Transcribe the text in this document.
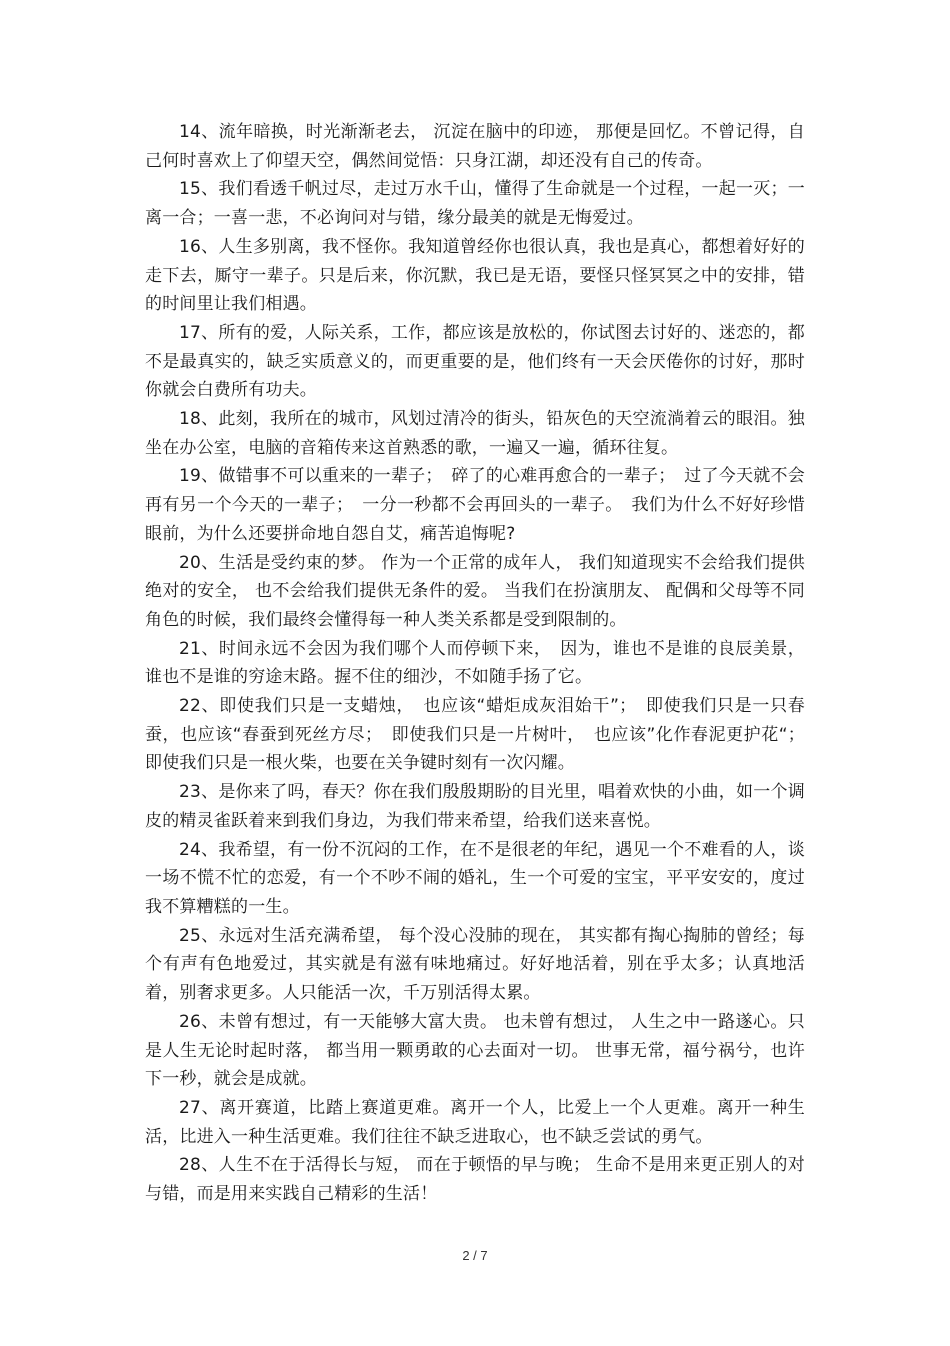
14、流年暗换，时光渐渐老去， 沉淀在脑中的印迹， 那便是回忆。不曾记得，自己何时喜欢上了仰望天空，偶然间觉悟：只身江湖，却还没有自己的传奇。

15、我们看透千帆过尽，走过万水千山，懂得了生命就是一个过程，一起一灭；一离一合；一喜一悲，不必询问对与错，缘分最美的就是无悔爱过。

16、人生多别离，我不怪你。我知道曾经你也很认真，我也是真心，都想着好好的走下去，厮守一辈子。只是后来，你沉默，我已是无语，要怪只怪冥冥之中的安排，错的时间里让我们相遇。

17、所有的爱，人际关系，工作，都应该是放松的，你试图去讨好的、迷恋的，都不是最真实的，缺乏实质意义的，而更重要的是，他们终有一天会厌倦你的讨好，那时你就会白费所有功夫。

18、此刻，我所在的城市，风划过清冷的街头，铅灰色的天空流淌着云的眼泪。独坐在办公室，电脑的音箱传来这首熟悉的歌，一遍又一遍，循环往复。

19、做错事不可以重来的一辈子；　碎了的心难再愈合的一辈子；　过了今天就不会再有另一个今天的一辈子；　一分一秒都不会再回头的一辈子。　我们为什么不好好珍惜眼前，为什么还要拼命地自怨自艾，痛苦追悔呢?

20、生活是受约束的梦。 作为一个正常的成年人， 我们知道现实不会给我们提供绝对的安全， 也不会给我们提供无条件的爱。 当我们在扮演朋友、 配偶和父母等不同角色的时候，我们最终会懂得每一种人类关系都是受到限制的。

21、时间永远不会因为我们哪个人而停顿下来，　因为，谁也不是谁的良辰美景，谁也不是谁的穷途末路。握不住的细沙，不如随手扬了它。

22、即使我们只是一支蜡烛，　也应该“蜡炬成灰泪始干”；　即使我们只是一只春蚕，也应该“春蚕到死丝方尽；　即使我们只是一片树叶，　也应该”化作春泥更护花“；即使我们只是一根火柴，也要在关争键时刻有一次闪耀。

23、是你来了吗，春天？你在我们殷殷期盼的目光里，唱着欢快的小曲，如一个调皮的精灵雀跃着来到我们身边，为我们带来希望，给我们送来喜悦。

24、我希望，有一份不沉闷的工作，在不是很老的年纪，遇见一个不难看的人，谈一场不慌不忙的恋爱，有一个不吵不闹的婚礼，生一个可爱的宝宝，平平安安的，度过我不算糟糕的一生。

25、永远对生活充满希望， 每个没心没肺的现在， 其实都有掏心掏肺的曾经；每个有声有色地爱过，其实就是有滋有味地痛过。好好地活着，别在乎太多；认真地活着，别奢求更多。人只能活一次，千万别活得太累。

26、未曾有想过，有一天能够大富大贵。 也未曾有想过， 人生之中一路遂心。只是人生无论时起时落， 都当用一颗勇敢的心去面对一切。 世事无常，福兮祸兮，也许下一秒，就会是成就。

27、离开赛道，比踏上赛道更难。离开一个人，比爱上一个人更难。离开一种生活，比进入一种生活更难。我们往往不缺乏进取心，也不缺乏尝试的勇气。

28、人生不在于活得长与短， 而在于顿悟的早与晚； 生命不是用来更正别人的对与错，而是用来实践自己精彩的生活！

2 / 7
